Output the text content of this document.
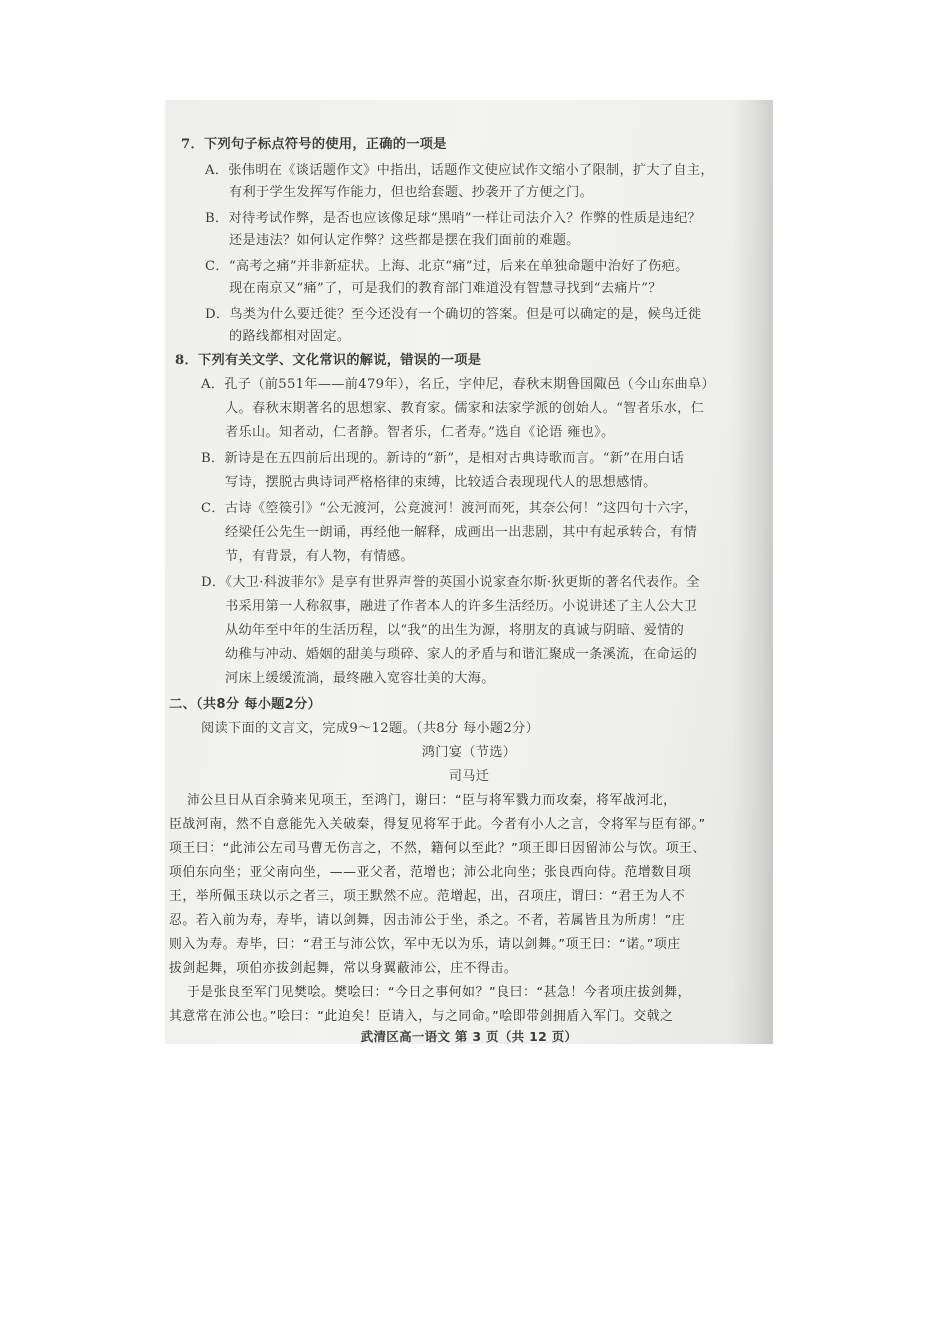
7．下列句子标点符号的使用，正确的一项是
A．张伟明在《谈话题作文》中指出，话题作文使应试作文缩小了限制，扩大了自主，
有利于学生发挥写作能力，但也给套题、抄袭开了方便之门。
B．对待考试作弊，是否也应该像足球“黑哨”一样让司法介入？作弊的性质是违纪？
还是违法？如何认定作弊？这些都是摆在我们面前的难题。
C．“高考之痛”并非新症状。上海、北京“痛”过，后来在单独命题中治好了伤疤。
现在南京又“痛”了，可是我们的教育部门难道没有智慧寻找到“去痛片”？
D．鸟类为什么要迁徙？至今还没有一个确切的答案。但是可以确定的是，候鸟迁徙
的路线都相对固定。
8．下列有关文学、文化常识的解说，错误的一项是
A．孔子（前551年——前479年），名丘，字仲尼，春秋末期鲁国陬邑（今山东曲阜）
人。春秋末期著名的思想家、教育家。儒家和法家学派的创始人。“智者乐水，仁
者乐山。知者动，仁者静。智者乐，仁者寿。”选自《论语 雍也》。
B．新诗是在五四前后出现的。新诗的“新”，是相对古典诗歌而言。“新”在用白话
写诗，摆脱古典诗词严格格律的束缚，比较适合表现现代人的思想感情。
C．古诗《箜篌引》“公无渡河，公竟渡河！渡河而死，其奈公何！”这四句十六字，
经梁任公先生一朗诵，再经他一解释，成画出一出悲剧，其中有起承转合，有情
节，有背景，有人物，有情感。
D．《大卫·科波菲尔》是享有世界声誉的英国小说家查尔斯·狄更斯的著名代表作。全
书采用第一人称叙事，融进了作者本人的许多生活经历。小说讲述了主人公大卫
从幼年至中年的生活历程，以“我”的出生为源，将朋友的真诚与阴暗、爱情的
幼稚与冲动、婚姻的甜美与琐碎、家人的矛盾与和谐汇聚成一条溪流，在命运的
河床上缓缓流淌，最终融入宽容壮美的大海。
二、（共8分 每小题2分）
阅读下面的文言文，完成9～12题。（共8分 每小题2分）
鸿门宴（节选）
司马迁
沛公旦日从百余骑来见项王，至鸿门，谢曰：“臣与将军戮力而攻秦，将军战河北，
臣战河南，然不自意能先入关破秦，得复见将军于此。今者有小人之言，令将军与臣有郤。”
项王曰：“此沛公左司马曹无伤言之，不然，籍何以至此？”项王即日因留沛公与饮。项王、
项伯东向坐；亚父南向坐，——亚父者，范增也；沛公北向坐；张良西向侍。范增数目项
王，举所佩玉玦以示之者三，项王默然不应。范增起，出，召项庄，谓曰：“君王为人不
忍。若入前为寿，寿毕，请以剑舞，因击沛公于坐，杀之。不者，若属皆且为所虏！”庄
则入为寿。寿毕，曰：“君王与沛公饮，军中无以为乐，请以剑舞。”项王曰：“诺。”项庄
拔剑起舞，项伯亦拔剑起舞，常以身翼蔽沛公，庄不得击。
于是张良至军门见樊哙。樊哙曰：“今日之事何如？”良曰：“甚急！今者项庄拔剑舞，
其意常在沛公也。”哙曰：“此迫矣！臣请入，与之同命。”哙即带剑拥盾入军门。交戟之
武清区高一语文 第 3 页（共 12 页）
